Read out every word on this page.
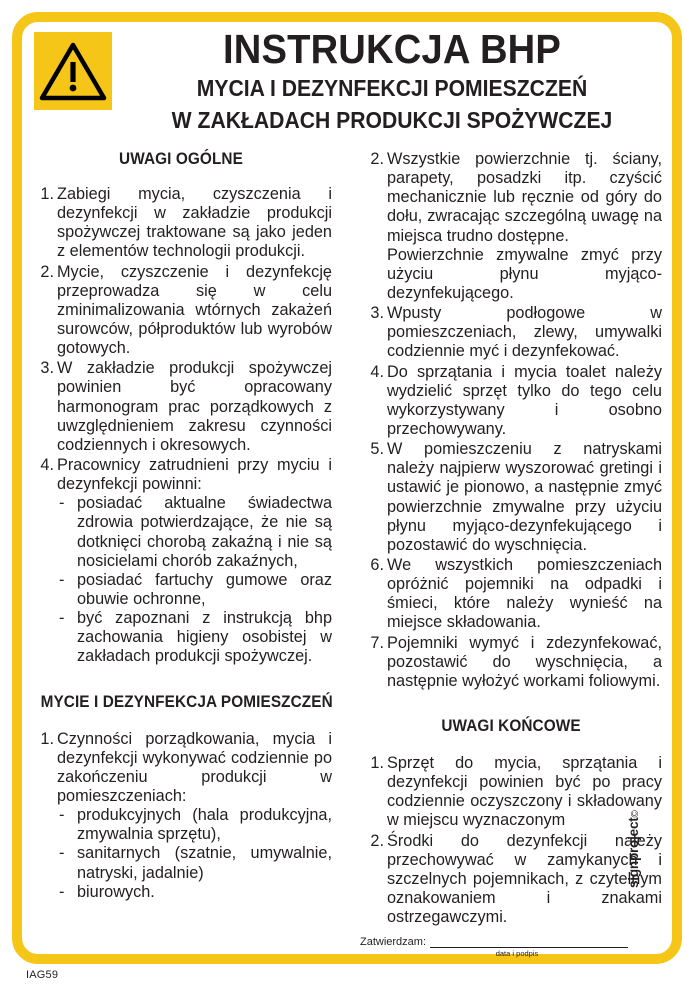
INSTRUKCJA BHP
MYCIA I DEZYNFEKCJI POMIESZCZEŃ
W ZAKŁADACH PRODUKCJI SPOŻYWCZEJ
UWAGI OGÓLNE
1. Zabiegi mycia, czyszczenia i dezynfekcji w zakładzie produkcji spożywczej traktowane są jako jeden z elementów technologii produkcji.
2. Mycie, czyszczenie i dezynfekcję przeprowadza się w celu zminimalizowania wtórnych zakażeń surowców, półproduktów lub wyrobów gotowych.
3. W zakładzie produkcji spożywczej powinien być opracowany harmonogram prac porządkowych z uwzględnieniem zakresu czynności codziennych i okresowych.
4. Pracownicy zatrudnieni przy myciu i dezynfekcji powinni:
- posiadać aktualne świadectwa zdrowia potwierdzające, że nie są dotknięci chorobą zakaźną i nie są nosicielami chorób zakaźnych,
- posiadać fartuchy gumowe oraz obuwie ochronne,
- być zapoznani z instrukcją bhp zachowania higieny osobistej w zakładach produkcji spożywczej.
MYCIE I DEZYNFEKCJA POMIESZCZEŃ
1. Czynności porządkowania, mycia i dezynfekcji wykonywać codziennie po zakończeniu produkcji w pomieszczeniach:
- produkcyjnych (hala produkcyjna, zmywalnia sprzętu),
- sanitarnych (szatnie, umywalnie, natryski, jadalnie)
- biurowych.
2. Wszystkie powierzchnie tj. ściany, parapety, posadzki itp. czyścić mechanicznie lub ręcznie od góry do dołu, zwracając szczególną uwagę na miejsca trudno dostępne.
Powierzchnie zmywalne zmyć przy użyciu płynu myjąco-dezynfekującego.
3. Wpusty podłogowe w pomieszczeniach, zlewy, umywalki codziennie myć i dezynfekować.
4. Do sprzątania i mycia toalet należy wydzielić sprzęt tylko do tego celu wykorzystywany i osobno przechowywany.
5. W pomieszczeniu z natryskami należy najpierw wyszorować gretingi i ustawić je pionowo, a następnie zmyć powierzchnie zmywalne przy użyciu płynu myjąco-dezynfekującego i pozostawić do wyschnięcia.
6. We wszystkich pomieszczeniach opróżnić pojemniki na odpadki i śmieci, które należy wynieść na miejsce składowania.
7. Pojemniki wymyć i zdezynfekować, pozostawić do wyschnięcia, a następnie wyłożyć workami foliowymi.
UWAGI KOŃCOWE
1. Sprzęt do mycia, sprzątania i dezynfekcji powinien być po pracy codziennie oczyszczony i składowany w miejscu wyznaczonym
2. Środki do dezynfekcji należy przechowywać w zamykanych i szczelnych pojemnikach, z czytelnym oznakowaniem i znakami ostrzegawczymi.
Zatwierdzam:
data i podpis
signproject©
IAG59
